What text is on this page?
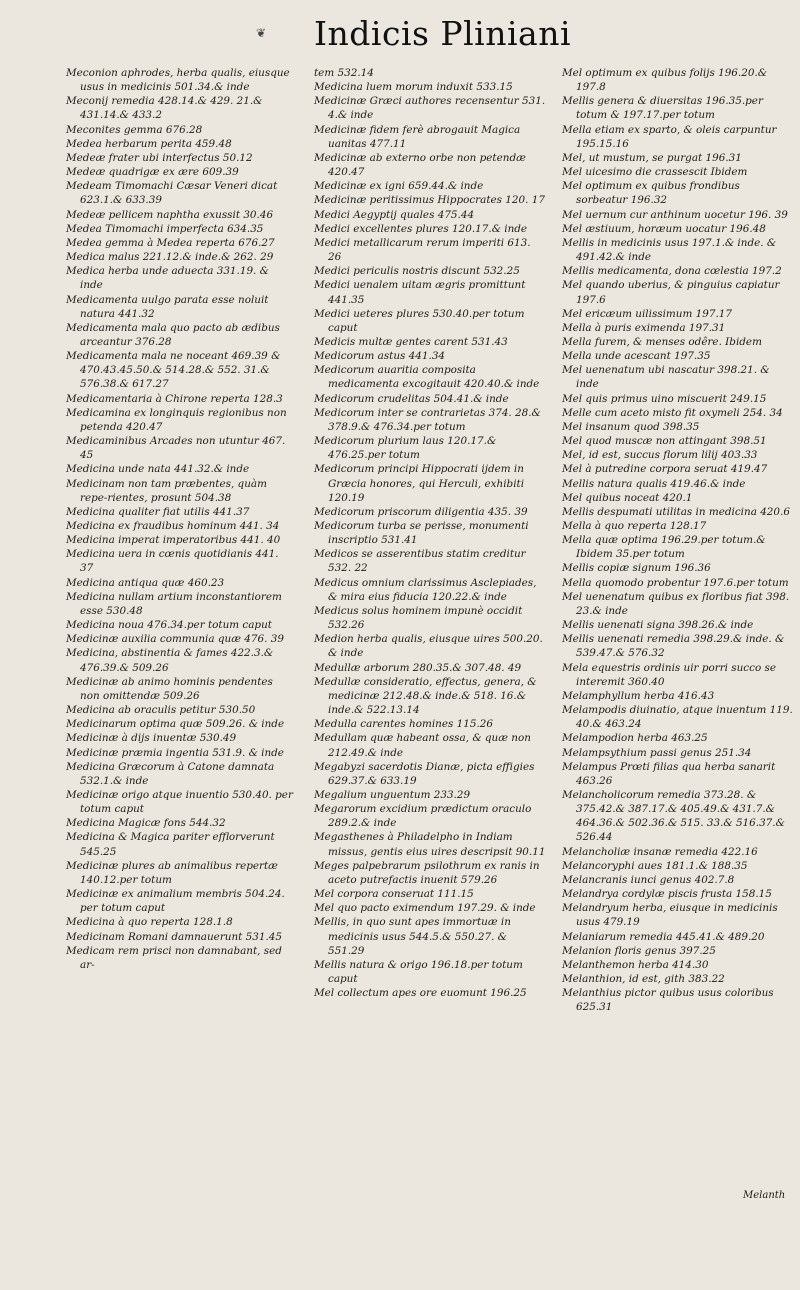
❦ Indicis Pliniani

Meconion aphrodes, herba qualis, eiusque usus in medicinis 501.34.& inde

Meconij remedia 428.14.& 429. 21.& 431.14.& 433.2

Meconites gemma 676.28

Medea herbarum perita 459.48

Medeæ frater ubi interfectus 50.12

Medeæ quadrigæ ex ære 609.39

Medeam Timomachi Cæsar Veneri dicat 623.1.& 633.39

Medeæ pellicem naphtha exussit 30.46

Medea Timomachi imperfecta 634.35

Medea gemma à Medea reperta 676.27

Medica malus 221.12.& inde.& 262. 29

Medica herba unde aduecta 331.19. & inde

Medicamenta uulgo parata esse noluit natura 441.32

Medicamenta mala quo pacto ab ædibus arceantur 376.28

Medicamenta mala ne noceant 469.39 & 470.43.45.50.& 514.28.& 552. 31.& 576.38.& 617.27

Medicamentaria à Chirone reperta 128.3

Medicamina ex longinquis regionibus non petenda 420.47

Medicaminibus Arcades non utuntur 467. 45

Medicina unde nata 441.32.& inde

Medicinam non tam præbentes, quàm repe-rientes, prosunt 504.38

Medicina qualiter fiat utilis 441.37

Medicina ex fraudibus hominum 441. 34

Medicina imperat imperatoribus 441. 40

Medicina uera in cœnis quotidianis 441. 37

Medicina antiqua quæ 460.23

Medicina nullam artium inconstantiorem esse 530.48

Medicina noua 476.34.per totum caput

Medicinæ auxilia communia quæ 476. 39

Medicina, abstinentia & fames 422.3.& 476.39.& 509.26

Medicinæ ab animo hominis pendentes non omittendæ 509.26

Medicina ab oraculis petitur 530.50

Medicinarum optima quæ 509.26. & inde

Medicinæ à dijs inuentæ 530.49

Medicinæ præmia ingentia 531.9. & inde

Medicina Græcorum à Catone damnata 532.1.& inde

Medicinæ origo atque inuentio 530.40. per totum caput

Medicina Magicæ fons 544.32

Medicina & Magica pariter efflorverunt 545.25

Medicinæ plures ab animalibus repertæ 140.12.per totum

Medicinæ ex animalium membris 504.24. per totum caput

Medicina à quo reperta 128.1.8

Medicinam Romani damnauerunt 531.45

Medicam rem prisci non damnabant, sed ar-

tem 532.14

Medicina luem morum induxit 533.15

Medicinæ Græci authores recensentur 531. 4.& inde

Medicinæ fidem ferè abrogauit Magica uanitas 477.11

Medicinæ ab externo orbe non petendæ 420.47

Medicinæ ex igni 659.44.& inde

Medicinæ peritissimus Hippocrates 120. 17

Medici Aegyptij quales 475.44

Medici excellentes plures 120.17.& inde

Medici metallicarum rerum imperiti 613. 26

Medici periculis nostris discunt 532.25

Medici uenalem uitam ægris promittunt 441.35

Medici ueteres plures 530.40.per totum caput

Medicis multæ gentes carent 531.43

Medicorum astus 441.34

Medicorum auaritia composita medicamenta excogitauit 420.40.& inde

Medicorum crudelitas 504.41.& inde

Medicorum inter se contrarietas 374. 28.& 378.9.& 476.34.per totum

Medicorum plurium laus 120.17.& 476.25.per totum

Medicorum principi Hippocrati ijdem in Græcia honores, qui Herculi, exhibiti 120.19

Medicorum priscorum diligentia 435. 39

Medicorum turba se perisse, monumenti inscriptio 531.41

Medicos se asserentibus statim creditur 532. 22

Medicus omnium clarissimus Asclepiades, & mira eius fiducia 120.22.& inde

Medicus solus hominem impunè occidit 532.26

Medion herba qualis, eiusque uires 500.20. & inde

Medullæ arborum 280.35.& 307.48. 49

Medullæ consideratio, effectus, genera, & medicinæ 212.48.& inde.& 518. 16.& inde.& 522.13.14

Medulla carentes homines 115.26

Medullam quæ habeant ossa, & quæ non 212.49.& inde

Megabyzi sacerdotis Dianæ, picta effigies 629.37.& 633.19

Megalium unguentum 233.29

Megarorum excidium prædictum oraculo 289.2.& inde

Megasthenes à Philadelpho in Indiam missus, gentis eius uires descripsit 90.11

Meges palpebrarum psilothrum ex ranis in aceto putrefactis inuenit 579.26

Mel corpora conseruat 111.15

Mel quo pacto eximendum 197.29. & inde

Mellis, in quo sunt apes immortuæ in medicinis usus 544.5.& 550.27. & 551.29

Mellis natura & origo 196.18.per totum caput

Mel collectum apes ore euomunt 196.25

Mel optimum ex quibus folijs 196.20.& 197.8

Mellis genera & diuersitas 196.35.per totum & 197.17.per totum

Mella etiam ex sparto, & oleis carpuntur 195.15.16

Mel, ut mustum, se purgat 196.31

Mel uicesimo die crassescit Ibidem

Mel optimum ex quibus frondibus sorbeatur 196.32

Mel uernum cur anthinum uocetur 196. 39

Mel æstiuum, horæum uocatur 196.48

Mellis in medicinis usus 197.1.& inde. & 491.42.& inde

Mellis medicamenta, dona cœlestia 197.2

Mel quando uberius, & pinguius capiatur 197.6

Mel ericæum uilissimum 197.17

Mella à puris eximenda 197.31

Mella furem, & menses odêre. Ibidem

Mella unde acescant 197.35

Mel uenenatum ubi nascatur 398.21. & inde

Mel quis primus uino miscuerit 249.15

Melle cum aceto misto fit oxymeli 254. 34

Mel insanum quod 398.35

Mel quod muscæ non attingant 398.51

Mel, id est, succus florum lilij 403.33

Mel à putredine corpora seruat 419.47

Mellis natura qualis 419.46.& inde

Mel quibus noceat 420.1

Mellis despumati utilitas in medicina 420.6

Mella à quo reperta 128.17

Mella quæ optima 196.29.per totum.& Ibidem 35.per totum

Mellis copiæ signum 196.36

Mella quomodo probentur 197.6.per totum

Mel uenenatum quibus ex floribus fiat 398. 23.& inde

Mellis uenenati signa 398.26.& inde

Mellis uenenati remedia 398.29.& inde. & 539.47.& 576.32

Mela equestris ordinis uir porri succo se interemit 360.40

Melamphyllum herba 416.43

Melampodis diuinatio, atque inuentum 119. 40.& 463.24

Melampodion herba 463.25

Melampsythium passi genus 251.34

Melampus Prœti filias qua herba sanarit 463.26

Melancholicorum remedia 373.28. & 375.42.& 387.17.& 405.49.& 431.7.& 464.36.& 502.36.& 515. 33.& 516.37.& 526.44

Melancholiæ insanæ remedia 422.16

Melancoryphi aues 181.1.& 188.35

Melancranis iunci genus 402.7.8

Melandrya cordylæ piscis frusta 158.15

Melandryum herba, eiusque in medicinis usus 479.19

Melaniarum remedia 445.41.& 489.20

Melanion floris genus 397.25

Melanthemon herba 414.30

Melanthion, id est, gith 383.22

Melanthius pictor quibus usus coloribus 625.31

Melanth
